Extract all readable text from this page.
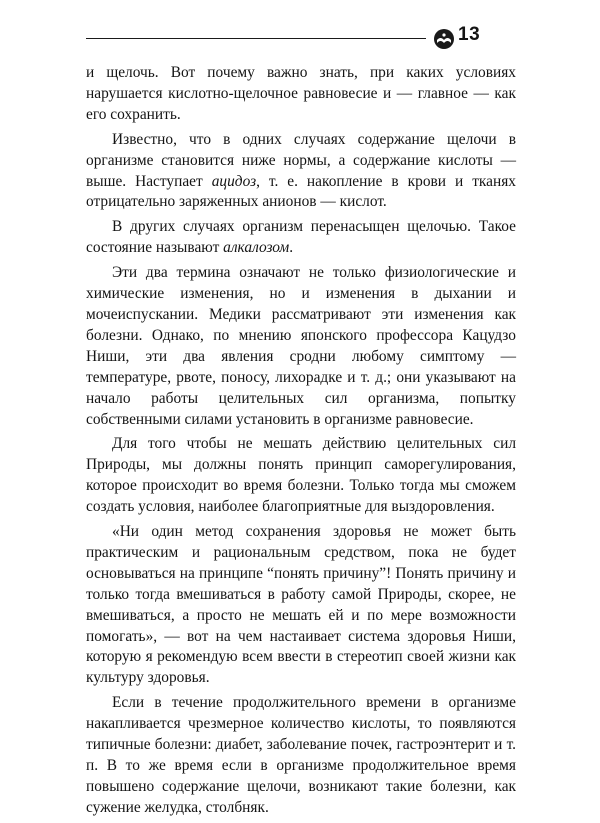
13

и щелочь. Вот почему важно знать, при каких условиях нарушается кислотно-щелочное равновесие и — главное — как его сохранить.

Известно, что в одних случаях содержание щелочи в организме становится ниже нормы, а содержание кислоты — выше. Наступает ацидоз, т. е. накопление в крови и тканях отрицательно заряженных анионов — кислот.

В других случаях организм перенасыщен щелочью. Такое состояние называют алкалозом.

Эти два термина означают не только физиологические и химические изменения, но и изменения в дыхании и мочеиспускании. Медики рассматривают эти изменения как болезни. Однако, по мнению японского профессора Кацудзо Ниши, эти два явления сродни любому симптому — температуре, рвоте, поносу, лихорадке и т. д.; они указывают на начало работы целительных сил организма, попытку собственными силами установить в организме равновесие.

Для того чтобы не мешать действию целительных сил Природы, мы должны понять принцип саморегулирования, которое происходит во время болезни. Только тогда мы сможем создать условия, наиболее благоприятные для выздоровления.

«Ни один метод сохранения здоровья не может быть практическим и рациональным средством, пока не будет основываться на принципе “понять причину”! Понять причину и только тогда вмешиваться в работу самой Природы, скорее, не вмешиваться, а просто не мешать ей и по мере возможности помогать», — вот на чем настаивает система здоровья Ниши, которую я рекомендую всем ввести в стереотип своей жизни как культуру здоровья.

Если в течение продолжительного времени в организме накапливается чрезмерное количество кислоты, то появляются типичные болезни: диабет, заболевание почек, гастроэнтерит и т. п. В то же время если в организме продолжительное время повышено содержание щелочи, возникают такие болезни, как сужение желудка, столбняк.
